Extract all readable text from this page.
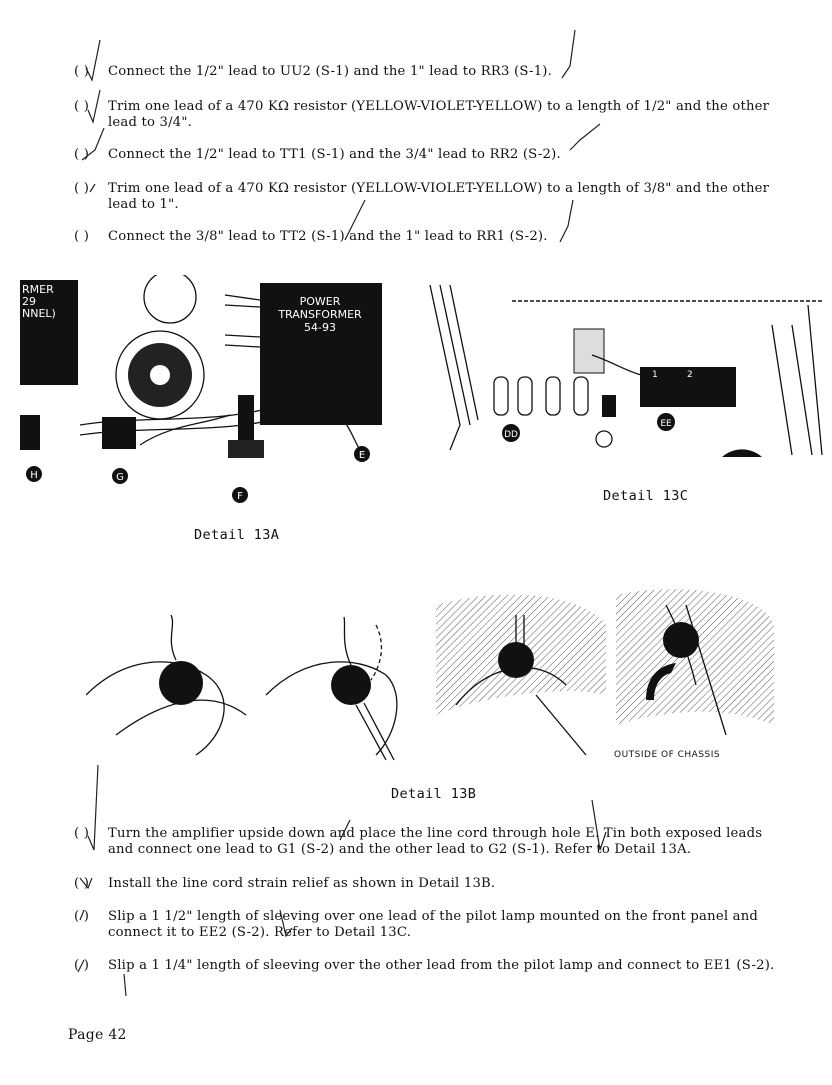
( )	Connect the 1/2" lead to UU2 (S-1) and the 1" lead to RR3 (S-1).
( )	Trim one lead of a 470 KΩ resistor (YELLOW-VIOLET-YELLOW) to a length of 1/2" and the other lead to 3/4".
( )	Connect the 1/2" lead to TT1 (S-1) and the 3/4" lead to RR2 (S-2).
( )	Trim one lead of a 470 KΩ resistor (YELLOW-VIOLET-YELLOW) to a length of 3/8" and the other lead to 1".
( )	Connect the 3/8" lead to TT2 (S-1) and the 1" lead to RR1 (S-2).
RMER
29
NNEL)
POWER
TRANSFORMER
54-93
H	G
F
E
Detail 13A
1	2	3
DD
EE
Detail 13C
OUTSIDE OF CHASSIS
Detail 13B
( )	Turn the amplifier upside down and place the line cord through hole E. Tin both exposed leads and connect one lead to G1 (S-2) and the other lead to G2 (S-1). Refer to Detail 13A.
( )	Install the line cord strain relief as shown in Detail 13B.
( )	Slip a 1 1/2" length of sleeving over one lead of the pilot lamp mounted on the front panel and connect it to EE2 (S-2). Refer to Detail 13C.
( )	Slip a 1 1/4" length of sleeving over the other lead from the pilot lamp and connect to EE1 (S-2).
Page 42
